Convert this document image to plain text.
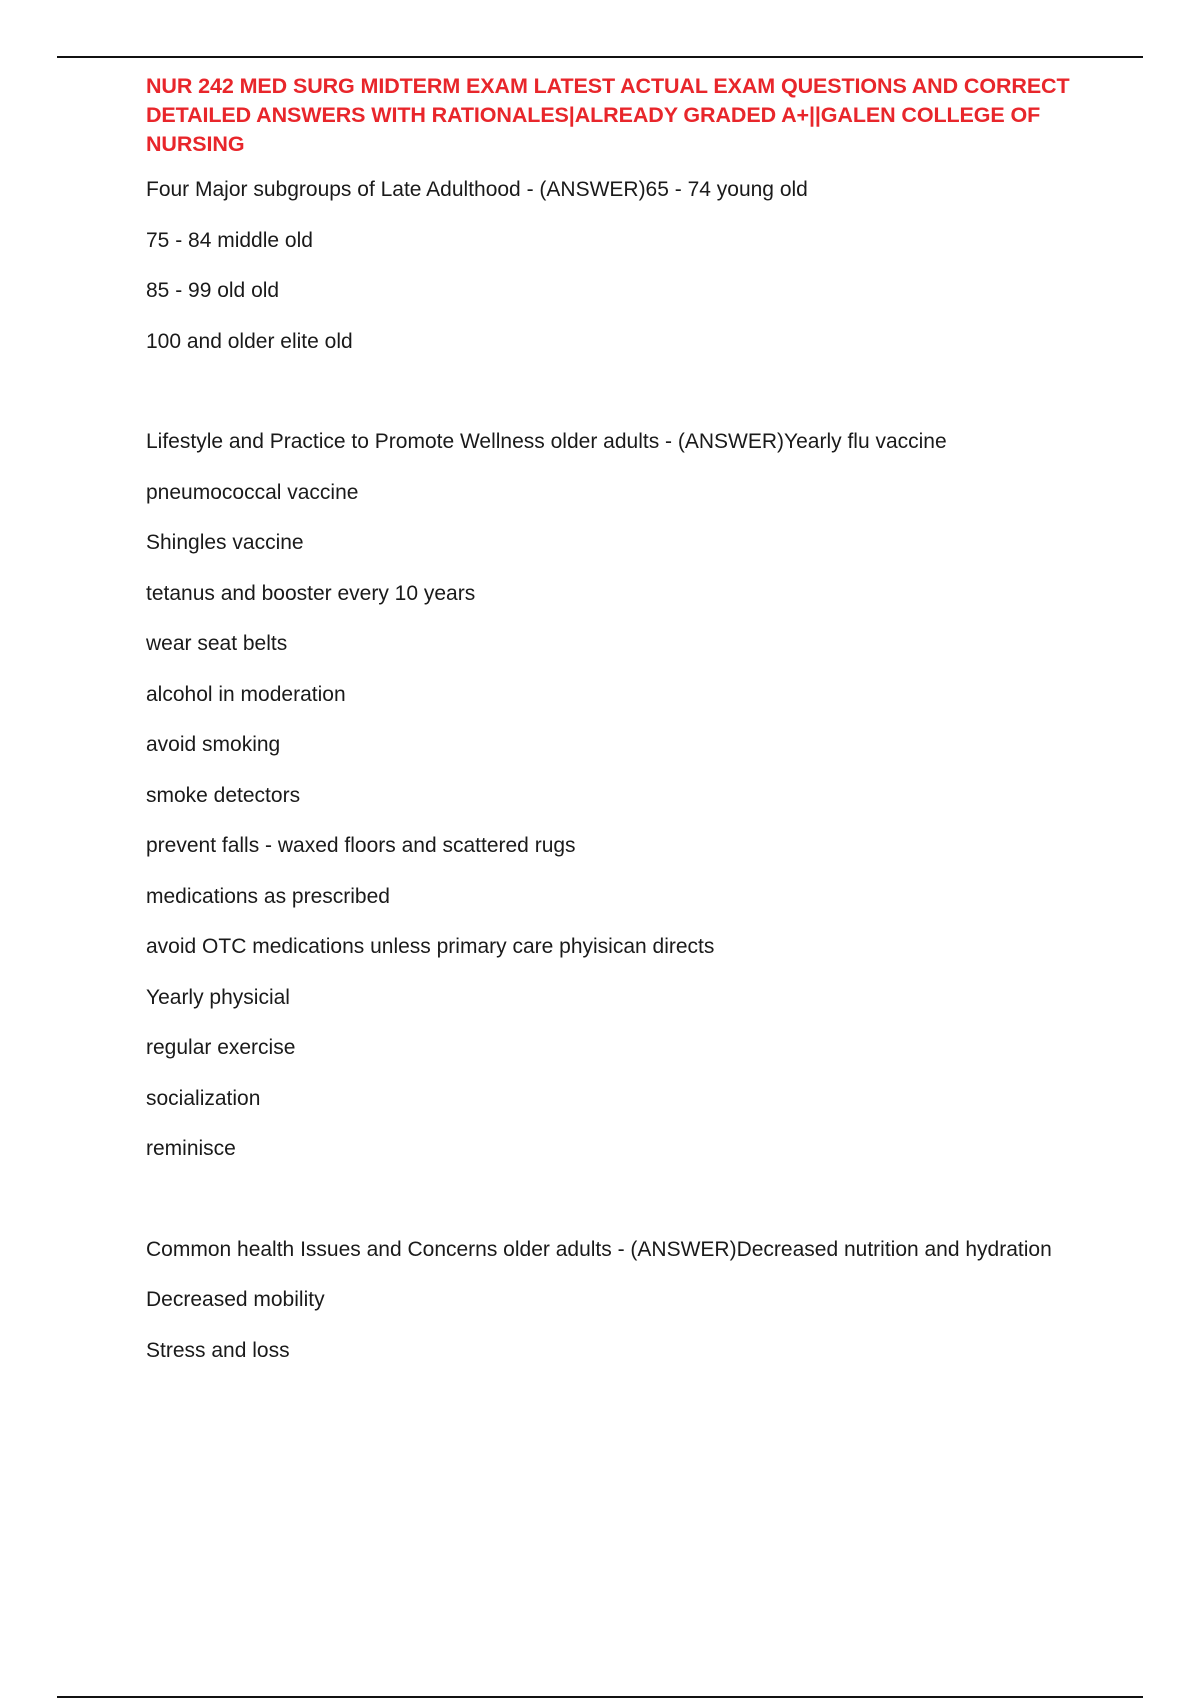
NUR 242 MED SURG MIDTERM EXAM LATEST ACTUAL EXAM QUESTIONS AND CORRECT DETAILED ANSWERS WITH RATIONALES|ALREADY GRADED A+||GALEN COLLEGE OF NURSING

Four Major subgroups of Late Adulthood - (ANSWER)65 - 74 young old

75 - 84 middle old

85 - 99 old old

100 and older elite old

Lifestyle and Practice to Promote Wellness older adults - (ANSWER)Yearly flu vaccine

pneumococcal vaccine

Shingles vaccine

tetanus and booster every 10 years

wear seat belts

alcohol in moderation

avoid smoking

smoke detectors

prevent falls - waxed floors and scattered rugs

medications as prescribed

avoid OTC medications unless primary care phyisican directs

Yearly physicial

regular exercise

socialization

reminisce

Common health Issues and Concerns older adults - (ANSWER)Decreased nutrition and hydration

Decreased mobility

Stress and loss
